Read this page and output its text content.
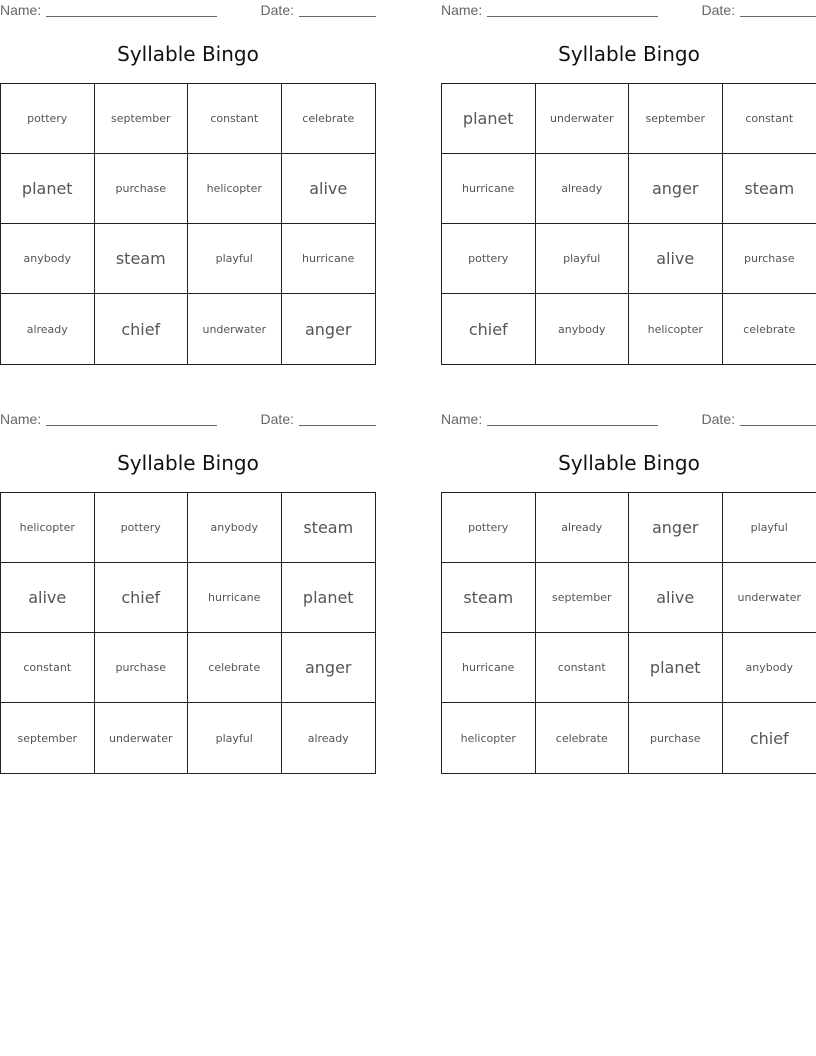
Name:	Date:
Syllable Bingo
pottery	september	constant	celebrate
planet	purchase	helicopter	alive
anybody	steam	playful	hurricane
already	chief	underwater	anger
Name:	Date:
Syllable Bingo
planet	underwater	september	constant
hurricane	already	anger	steam
pottery	playful	alive	purchase
chief	anybody	helicopter	celebrate
Name:	Date:
Syllable Bingo
helicopter	pottery	anybody	steam
alive	chief	hurricane	planet
constant	purchase	celebrate	anger
september	underwater	playful	already
Name:	Date:
Syllable Bingo
pottery	already	anger	playful
steam	september	alive	underwater
hurricane	constant	planet	anybody
helicopter	celebrate	purchase	chief
